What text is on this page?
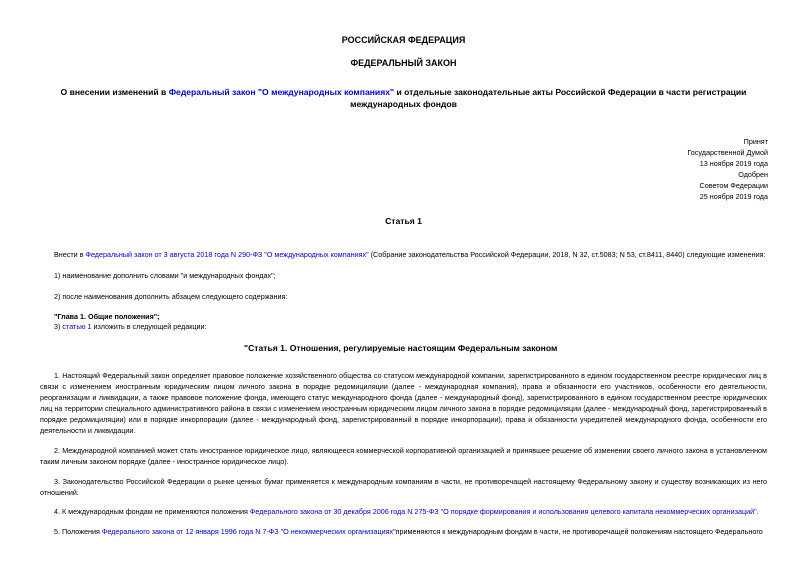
РОССИЙСКАЯ ФЕДЕРАЦИЯ
ФЕДЕРАЛЬНЫЙ ЗАКОН
О внесении изменений в Федеральный закон "О международных компаниях" и отдельные законодательные акты Российской Федерации в части регистрации международных фондов
Принят
Государственной Думой
13 ноября 2019 года
Одобрен
Советом Федерации
25 ноября 2019 года
Статья 1
Внести в Федеральный закон от 3 августа 2018 года N 290-ФЗ "О международных компаниях" (Собрание законодательства Российской Федерации, 2018, N 32, ст.5083; N 53, ст.8411, 8440) следующие изменения:
1) наименование дополнить словами "и международных фондах";
2) после наименования дополнить абзацем следующего содержания:
"Глава 1. Общие положения";
3) статью 1 изложить в следующей редакции:
"Статья 1. Отношения, регулируемые настоящим Федеральным законом
1. Настоящий Федеральный закон определяет правовое положение хозяйственного общества со статусом международной компании, зарегистрированного в едином государственном реестре юридических лиц в связи с изменением иностранным юридическим лицом личного закона в порядке редомициляции (далее - международная компания), права и обязанности его участников, особенности его деятельности, реорганизации и ликвидации, а также правовое положение фонда, имеющего статус международного фонда (далее - международный фонд), зарегистрированного в едином государственном реестре юридических лиц на территории специального административного района в связи с изменением иностранным юридическим лицом личного закона в порядке редомициляции (далее - международный фонд, зарегистрированный в порядке редомициляции) или в порядке инкорпорации (далее - международный фонд, зарегистрированный в порядке инкорпорации), права и обязанности учредителей международного фонда, особенности его деятельности и ликвидации.
2. Международной компанией может стать иностранное юридическое лицо, являющееся коммерческой корпоративной организацией и принявшее решение об изменении своего личного закона в установленном таким личным законом порядке (далее - иностранное юридическое лицо).
3. Законодательство Российской Федерации о рынке ценных бумаг применяется к международным компаниям в части, не противоречащей настоящему Федеральному закону и существу возникающих из него отношений.
4. К международным фондам не применяются положения Федерального закона от 30 декабря 2006 года N 275-ФЗ "О порядке формирования и использования целевого капитала некоммерческих организаций".
5. Положения Федерального закона от 12 января 1996 года N 7-ФЗ "О некоммерческих организациях"применяются к международным фондам в части, не противоречащей положениям настоящего Федерального
